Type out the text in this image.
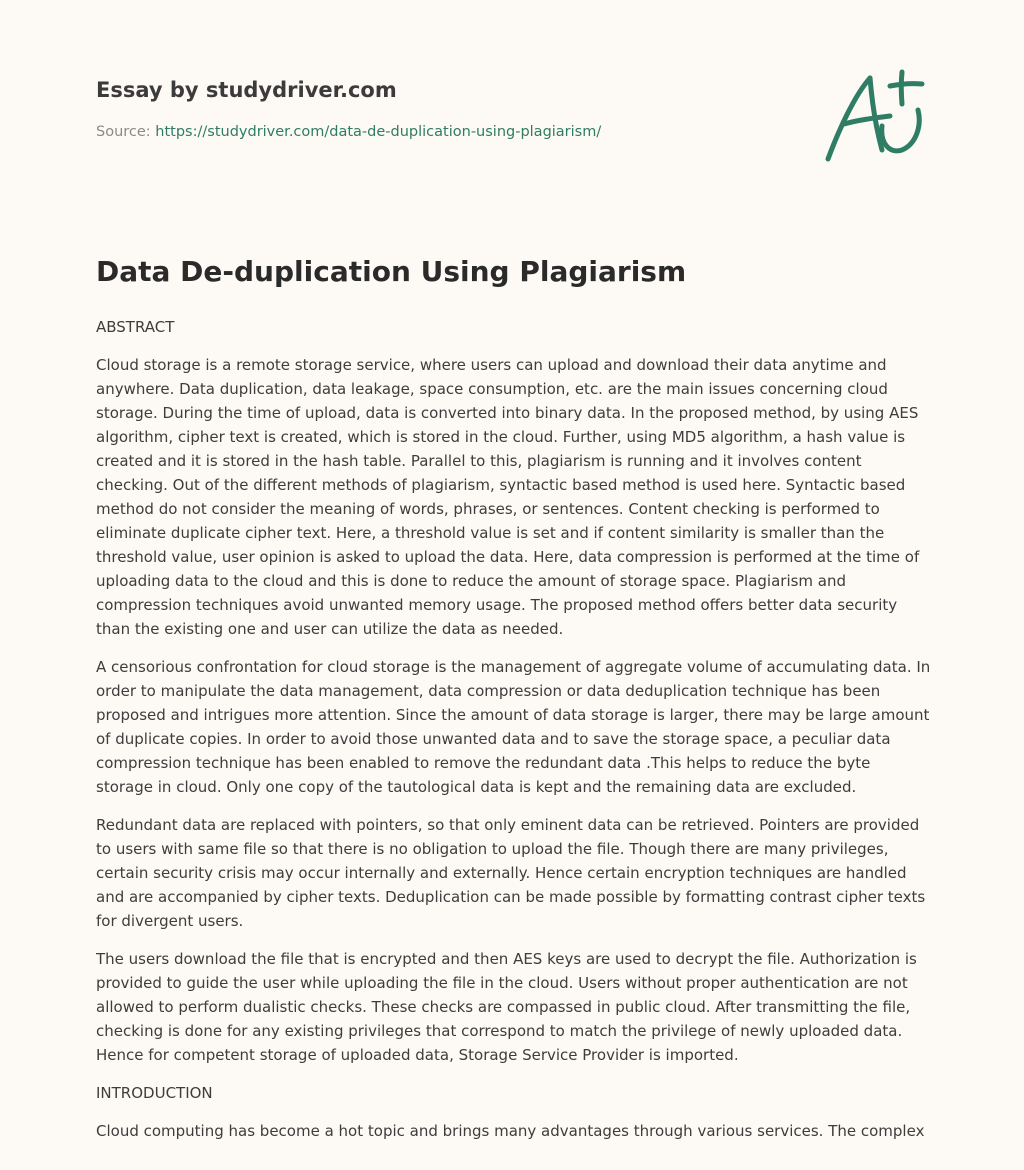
Essay by studydriver.com
Source: https://studydriver.com/data-de-duplication-using-plagiarism/
Data De-duplication Using Plagiarism

ABSTRACT

Cloud storage is a remote storage service, where users can upload and download their data anytime and anywhere. Data duplication, data leakage, space consumption, etc. are the main issues concerning cloud storage. During the time of upload, data is converted into binary data. In the proposed method, by using AES algorithm, cipher text is created, which is stored in the cloud. Further, using MD5 algorithm, a hash value is created and it is stored in the hash table. Parallel to this, plagiarism is running and it involves content checking. Out of the different methods of plagiarism, syntactic based method is used here. Syntactic based method do not consider the meaning of words, phrases, or sentences. Content checking is performed to eliminate duplicate cipher text. Here, a threshold value is set and if content similarity is smaller than the threshold value, user opinion is asked to upload the data. Here, data compression is performed at the time of uploading data to the cloud and this is done to reduce the amount of storage space. Plagiarism and compression techniques avoid unwanted memory usage. The proposed method offers better data security than the existing one and user can utilize the data as needed.

A censorious confrontation for cloud storage is the management of aggregate volume of accumulating data. In order to manipulate the data management, data compression or data deduplication technique has been proposed and intrigues more attention. Since the amount of data storage is larger, there may be large amount of duplicate copies. In order to avoid those unwanted data and to save the storage space, a peculiar data compression technique has been enabled to remove the redundant data .This helps to reduce the byte storage in cloud. Only one copy of the tautological data is kept and the remaining data are excluded.

Redundant data are replaced with pointers, so that only eminent data can be retrieved. Pointers are provided to users with same file so that there is no obligation to upload the file. Though there are many privileges, certain security crisis may occur internally and externally. Hence certain encryption techniques are handled and are accompanied by cipher texts. Deduplication can be made possible by formatting contrast cipher texts for divergent users.

The users download the file that is encrypted and then AES keys are used to decrypt the file. Authorization is provided to guide the user while uploading the file in the cloud. Users without proper authentication are not allowed to perform dualistic checks. These checks are compassed in public cloud. After transmitting the file, checking is done for any existing privileges that correspond to match the privilege of newly uploaded data. Hence for competent storage of uploaded data, Storage Service Provider is imported.

INTRODUCTION

Cloud computing has become a hot topic and brings many advantages through various services. The complex
